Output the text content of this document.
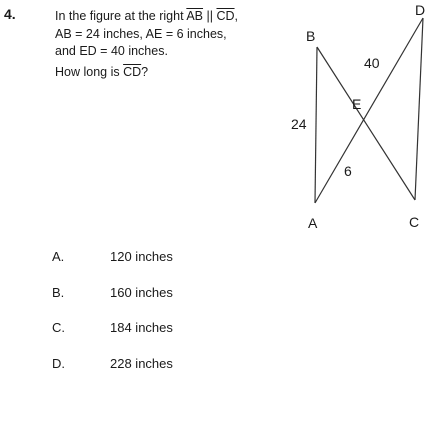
4.	In the figure at the right $\overline{AB}$ || $\overline{CD}$,
AB = 24 inches, AE = 6 inches,
and ED = 40 inches.
How long is $\overline{CD}$?
B
D
E
A	C
24
40
6
A.	120 inches
B.	160 inches
C.	184 inches
D.	228 inches
